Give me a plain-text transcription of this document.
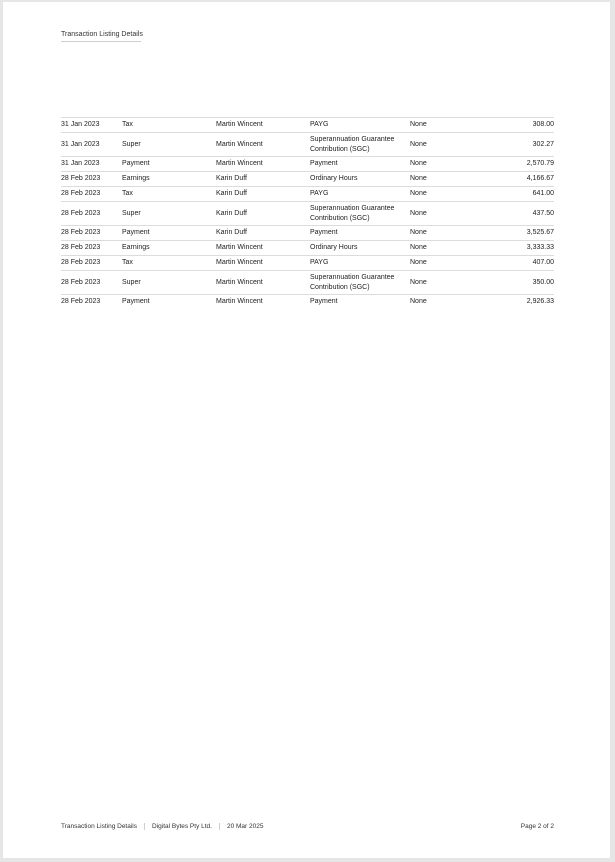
Transaction Listing Details
31 Jan 2023	Tax	Martin Wincent	PAYG	None	308.00
31 Jan 2023	Super	Martin Wincent	Superannuation Guarantee Contribution (SGC)	None	302.27
31 Jan 2023	Payment	Martin Wincent	Payment	None	2,570.79
28 Feb 2023	Earnings	Karin Duff	Ordinary Hours	None	4,166.67
28 Feb 2023	Tax	Karin Duff	PAYG	None	641.00
28 Feb 2023	Super	Karin Duff	Superannuation Guarantee Contribution (SGC)	None	437.50
28 Feb 2023	Payment	Karin Duff	Payment	None	3,525.67
28 Feb 2023	Earnings	Martin Wincent	Ordinary Hours	None	3,333.33
28 Feb 2023	Tax	Martin Wincent	PAYG	None	407.00
28 Feb 2023	Super	Martin Wincent	Superannuation Guarantee Contribution (SGC)	None	350.00
28 Feb 2023	Payment	Martin Wincent	Payment	None	2,926.33
Transaction Listing Details	Digital Bytes Pty Ltd.	20 Mar 2025	Page 2 of 2
